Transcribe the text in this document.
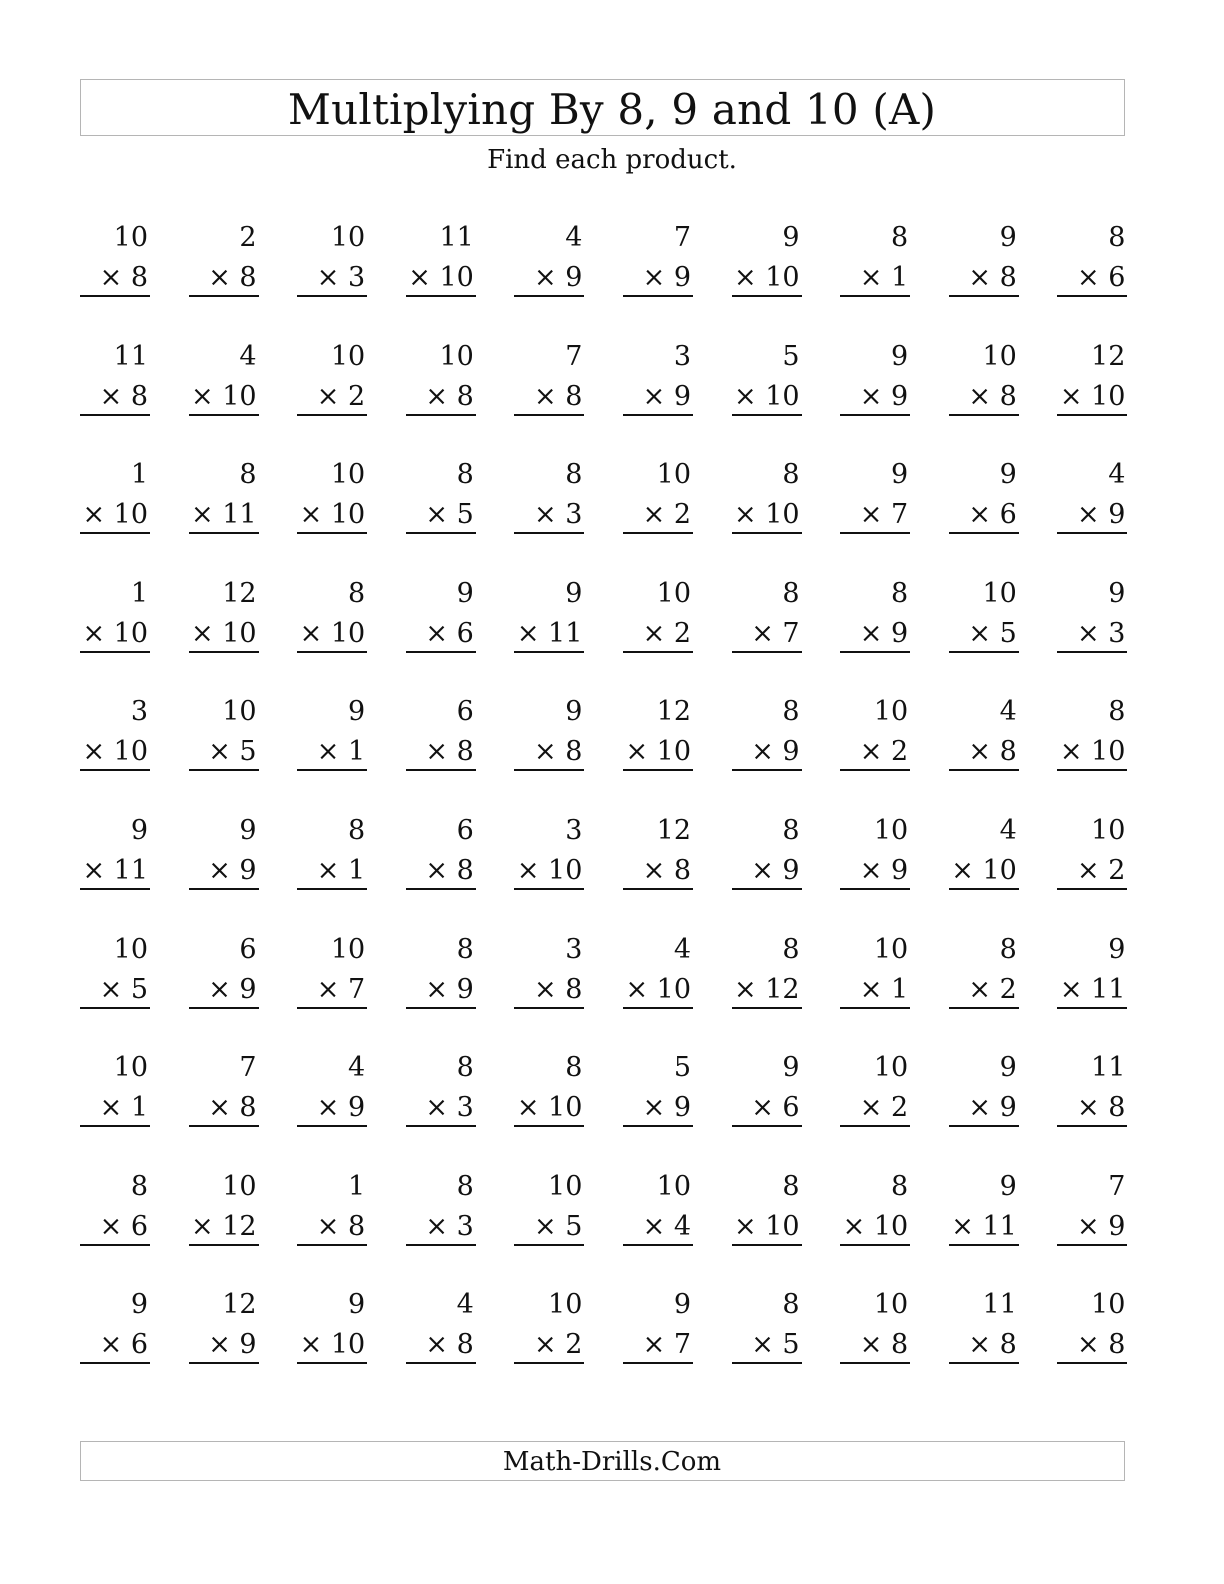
Multiplying By 8, 9 and 10 (A)
Find each product.
10
× 8
2
× 8
10
× 3
11
× 10
4
× 9
7
× 9
9
× 10
8
× 1
9
× 8
8
× 6
11
× 8
4
× 10
10
× 2
10
× 8
7
× 8
3
× 9
5
× 10
9
× 9
10
× 8
12
× 10
1
× 10
8
× 11
10
× 10
8
× 5
8
× 3
10
× 2
8
× 10
9
× 7
9
× 6
4
× 9
1
× 10
12
× 10
8
× 10
9
× 6
9
× 11
10
× 2
8
× 7
8
× 9
10
× 5
9
× 3
3
× 10
10
× 5
9
× 1
6
× 8
9
× 8
12
× 10
8
× 9
10
× 2
4
× 8
8
× 10
9
× 11
9
× 9
8
× 1
6
× 8
3
× 10
12
× 8
8
× 9
10
× 9
4
× 10
10
× 2
10
× 5
6
× 9
10
× 7
8
× 9
3
× 8
4
× 10
8
× 12
10
× 1
8
× 2
9
× 11
10
× 1
7
× 8
4
× 9
8
× 3
8
× 10
5
× 9
9
× 6
10
× 2
9
× 9
11
× 8
8
× 6
10
× 12
1
× 8
8
× 3
10
× 5
10
× 4
8
× 10
8
× 10
9
× 11
7
× 9
9
× 6
12
× 9
9
× 10
4
× 8
10
× 2
9
× 7
8
× 5
10
× 8
11
× 8
10
× 8
Math-Drills.Com
